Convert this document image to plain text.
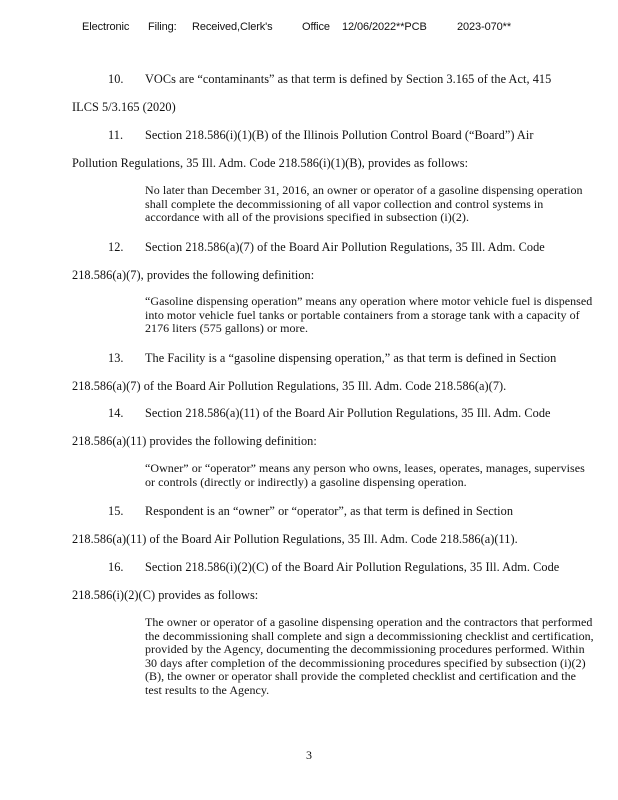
Electronic Filing: Received,Clerk's	Office 12/06/2022**PCB	2023-070**
10. VOCs are “contaminants” as that term is defined by Section 3.165 of the Act, 415
ILCS 5/3.165 (2020)
11. Section 218.586(i)(1)(B) of the Illinois Pollution Control Board (“Board”) Air
Pollution Regulations, 35 Ill. Adm. Code 218.586(i)(1)(B), provides as follows:
No later than December 31, 2016, an owner or operator of a gasoline dispensing operation shall complete the decommissioning of all vapor collection and control systems in accordance with all of the provisions specified in subsection (i)(2).
12. Section 218.586(a)(7) of the Board Air Pollution Regulations, 35 Ill. Adm. Code
218.586(a)(7), provides the following definition:
“Gasoline dispensing operation” means any operation where motor vehicle fuel is dispensed into motor vehicle fuel tanks or portable containers from a storage tank with a capacity of 2176 liters (575 gallons) or more.
13. The Facility is a “gasoline dispensing operation,” as that term is defined in Section
218.586(a)(7) of the Board Air Pollution Regulations, 35 Ill. Adm. Code 218.586(a)(7).
14. Section 218.586(a)(11) of the Board Air Pollution Regulations, 35 Ill. Adm. Code
218.586(a)(11) provides the following definition:
“Owner” or “operator” means any person who owns, leases, operates, manages, supervises or controls (directly or indirectly) a gasoline dispensing operation.
15. Respondent is an “owner” or “operator”, as that term is defined in Section
218.586(a)(11) of the Board Air Pollution Regulations, 35 Ill. Adm. Code 218.586(a)(11).
16. Section 218.586(i)(2)(C) of the Board Air Pollution Regulations, 35 Ill. Adm. Code
218.586(i)(2)(C) provides as follows:
The owner or operator of a gasoline dispensing operation and the contractors that performed the decommissioning shall complete and sign a decommissioning checklist and certification, provided by the Agency, documenting the decommissioning procedures performed. Within 30 days after completion of the decommissioning procedures specified by subsection (i)(2)(B), the owner or operator shall provide the completed checklist and certification and the test results to the Agency.
3
